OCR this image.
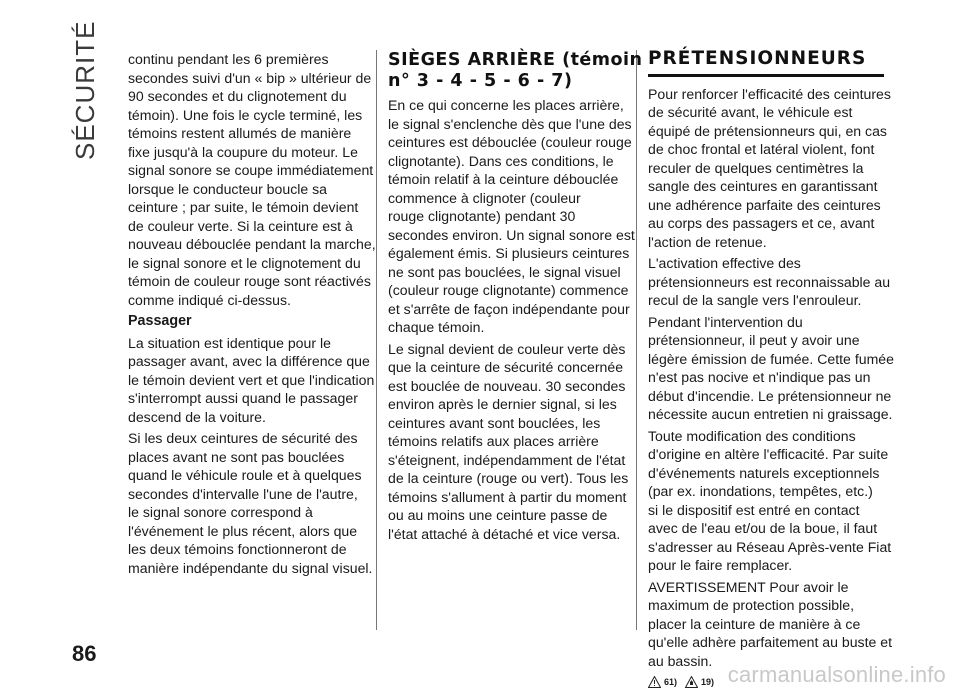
SÉCURITÉ continu pendant les 6 premières
secondes suivi d'un « bip » ultérieur de
90 secondes et du clignotement du
témoin). Une fois le cycle terminé, les
témoins restent allumés de manière
fixe jusqu'à la coupure du moteur. Le
signal sonore se coupe immédiatement
lorsque le conducteur boucle sa
ceinture ; par suite, le témoin devient
de couleur verte. Si la ceinture est à
nouveau débouclée pendant la marche,
le signal sonore et le clignotement du
témoin de couleur rouge sont réactivés
comme indiqué ci-dessus.

Passager

La situation est identique pour le
passager avant, avec la différence que
le témoin devient vert et que l'indication
s'interrompt aussi quand le passager
descend de la voiture.

Si les deux ceintures de sécurité des
places avant ne sont pas bouclées
quand le véhicule roule et à quelques
secondes d'intervalle l'une de l'autre,
le signal sonore correspond à
l'événement le plus récent, alors que
les deux témoins fonctionneront de
manière indépendante du signal visuel.

SIÈGES ARRIÈRE (témoin
n° 3 - 4 - 5 - 6 - 7)

En ce qui concerne les places arrière,
le signal s'enclenche dès que l'une des
ceintures est débouclée (couleur rouge
clignotante). Dans ces conditions, le
témoin relatif à la ceinture débouclée
commence à clignoter (couleur
rouge clignotante) pendant 30
secondes environ. Un signal sonore est
également émis. Si plusieurs ceintures
ne sont pas bouclées, le signal visuel
(couleur rouge clignotante) commence
et s'arrête de façon indépendante pour
chaque témoin.

Le signal devient de couleur verte dès
que la ceinture de sécurité concernée
est bouclée de nouveau. 30 secondes
environ après le dernier signal, si les
ceintures avant sont bouclées, les
témoins relatifs aux places arrière
s'éteignent, indépendamment de l'état
de la ceinture (rouge ou vert). Tous les
témoins s'allument à partir du moment
ou au moins une ceinture passe de
l'état attaché à détaché et vice versa.

PRÉTENSIONNEURS

Pour renforcer l'efficacité des ceintures
de sécurité avant, le véhicule est
équipé de prétensionneurs qui, en cas
de choc frontal et latéral violent, font
reculer de quelques centimètres la
sangle des ceintures en garantissant
une adhérence parfaite des ceintures
au corps des passagers et ce, avant
l'action de retenue.

L'activation effective des
prétensionneurs est reconnaissable au
recul de la sangle vers l'enrouleur.

Pendant l'intervention du
prétensionneur, il peut y avoir une
légère émission de fumée. Cette fumée
n'est pas nocive et n'indique pas un
début d'incendie. Le prétensionneur ne
nécessite aucun entretien ni graissage.

Toute modification des conditions
d'origine en altère l'efficacité. Par suite
d'événements naturels exceptionnels
(par ex. inondations, tempêtes, etc.)
si le dispositif est entré en contact
avec de l'eau et/ou de la boue, il faut
s'adresser au Réseau Après-vente Fiat
pour le faire remplacer.

AVERTISSEMENT Pour avoir le
maximum de protection possible,
placer la ceinture de manière à ce
qu'elle adhère parfaitement au buste et
au bassin.

61)	19)
86
carmanualsonline.info
